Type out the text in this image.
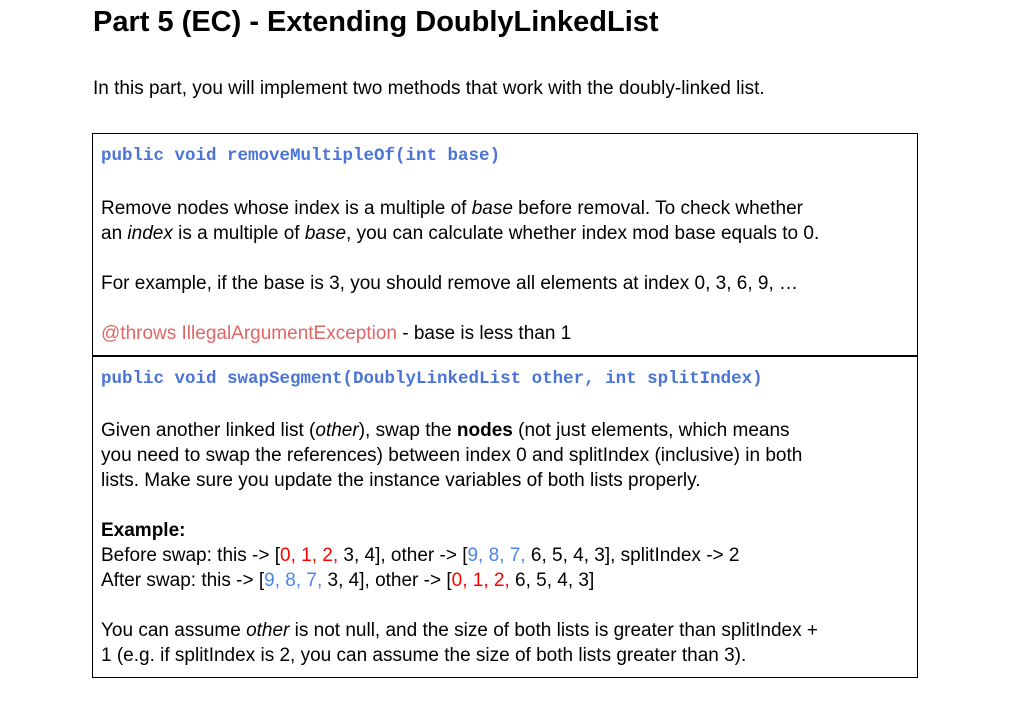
Part 5 (EC) - Extending DoublyLinkedList

In this part, you will implement two methods that work with the doubly-linked list.

public void removeMultipleOf(int base)

Remove nodes whose index is a multiple of base before removal. To check whether
an index is a multiple of base, you can calculate whether index mod base equals to 0.

For example, if the base is 3, you should remove all elements at index 0, 3, 6, 9, …

@throws IllegalArgumentException - base is less than 1

public void swapSegment(DoublyLinkedList other, int splitIndex)

Given another linked list (other), swap the nodes (not just elements, which means
you need to swap the references) between index 0 and splitIndex (inclusive) in both
lists. Make sure you update the instance variables of both lists properly.

Example:
Before swap: this -> [0, 1, 2, 3, 4], other -> [9, 8, 7, 6, 5, 4, 3], splitIndex -> 2
After swap: this -> [9, 8, 7, 3, 4], other -> [0, 1, 2, 6, 5, 4, 3]

You can assume other is not null, and the size of both lists is greater than splitIndex +
1 (e.g. if splitIndex is 2, you can assume the size of both lists greater than 3).
